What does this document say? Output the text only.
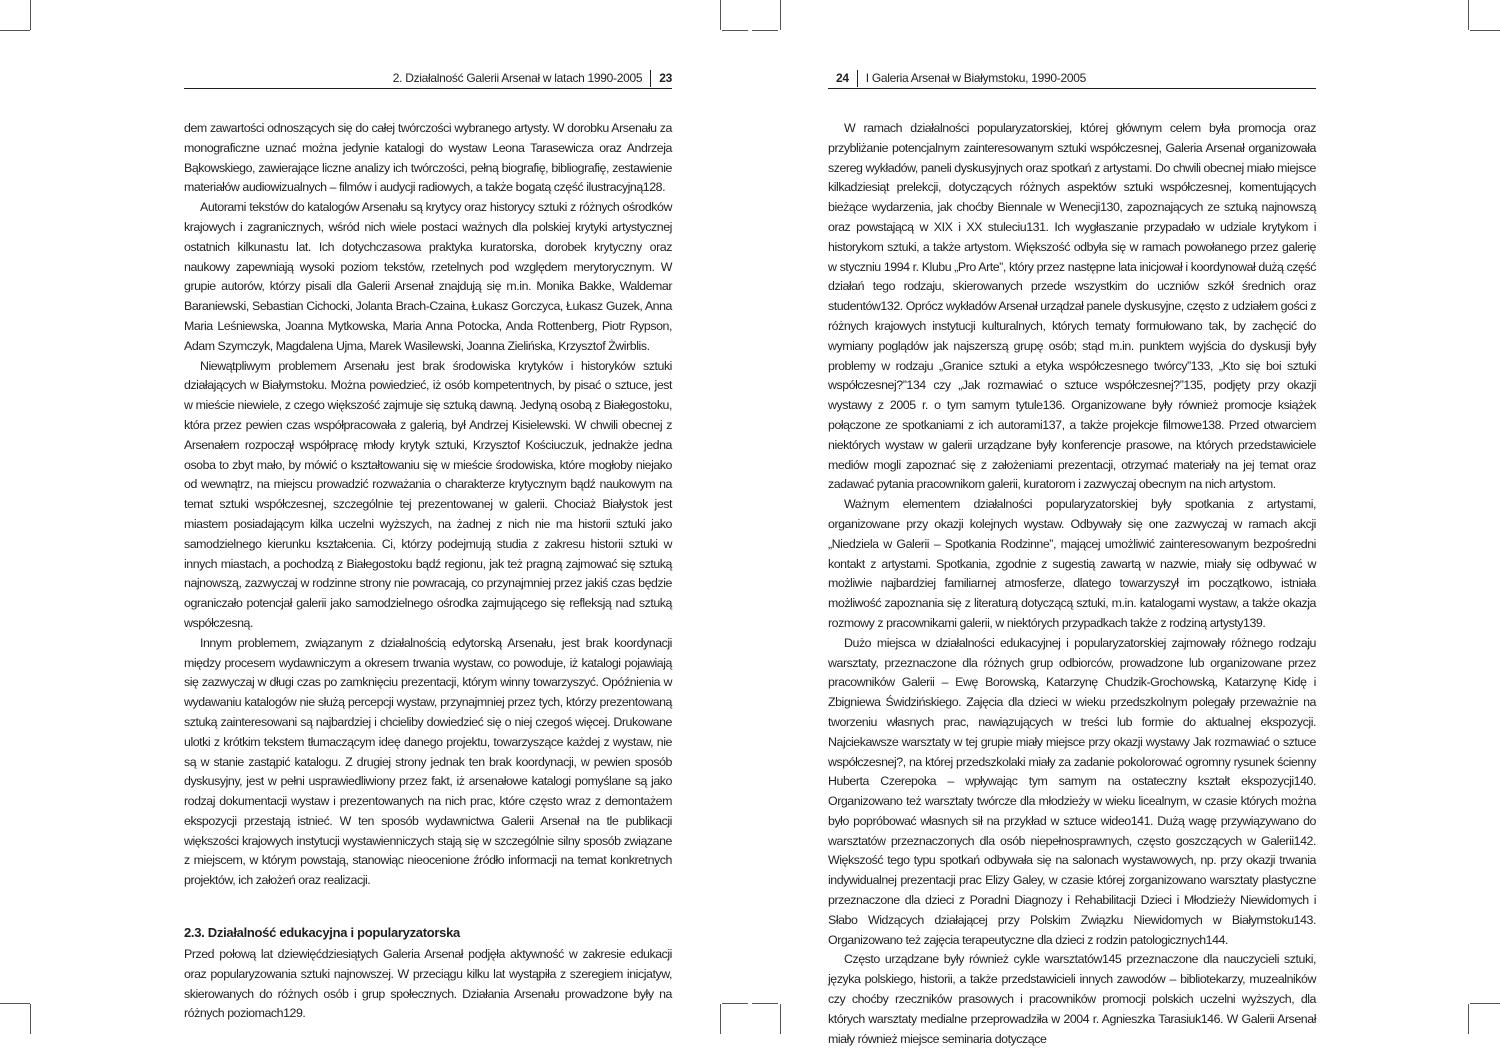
2. Działalność Galerii Arsenał w latach 1990-2005 23

dem zawartości odnoszących się do całej twórczości wybranego artysty. W dorobku Arsenału za monograficzne uznać można jedynie katalogi do wystaw Leona Tarasewicza oraz Andrzeja Bąkowskiego, zawierające liczne analizy ich twórczości, pełną biografię, bibliografię, zestawienie materiałów audiowizualnych – filmów i audycji radiowych, a także bogatą część ilustracyjną128.

Autorami tekstów do katalogów Arsenału są krytycy oraz historycy sztuki z różnych ośrodków krajowych i zagranicznych, wśród nich wiele postaci ważnych dla polskiej krytyki artystycznej ostatnich kilkunastu lat. Ich dotychczasowa praktyka kuratorska, dorobek krytyczny oraz naukowy zapewniają wysoki poziom tekstów, rzetelnych pod względem merytorycznym. W grupie autorów, którzy pisali dla Galerii Arsenał znajdują się m.in. Monika Bakke, Waldemar Baraniewski, Sebastian Cichocki, Jolanta Brach-Czaina, Łukasz Gorczyca, Łukasz Guzek, Anna Maria Leśniewska, Joanna Mytkowska, Maria Anna Potocka, Anda Rottenberg, Piotr Rypson, Adam Szymczyk, Magdalena Ujma, Marek Wasilewski, Joanna Zielińska, Krzysztof Żwirblis.

Niewątpliwym problemem Arsenału jest brak środowiska krytyków i historyków sztuki działających w Białymstoku. Można powiedzieć, iż osób kompetentnych, by pisać o sztuce, jest w mieście niewiele, z czego większość zajmuje się sztuką dawną. Jedyną osobą z Białegostoku, która przez pewien czas współpracowała z galerią, był Andrzej Kisielewski. W chwili obecnej z Arsenałem rozpoczął współpracę młody krytyk sztuki, Krzysztof Kościuczuk, jednakże jedna osoba to zbyt mało, by mówić o kształtowaniu się w mieście środowiska, które mogłoby niejako od wewnątrz, na miejscu prowadzić rozważania o charakterze krytycznym bądź naukowym na temat sztuki współczesnej, szczególnie tej prezentowanej w galerii. Chociaż Białystok jest miastem posiadającym kilka uczelni wyższych, na żadnej z nich nie ma historii sztuki jako samodzielnego kierunku kształcenia. Ci, którzy podejmują studia z zakresu historii sztuki w innych miastach, a pochodzą z Białegostoku bądź regionu, jak też pragną zajmować się sztuką najnowszą, zazwyczaj w rodzinne strony nie powracają, co przynajmniej przez jakiś czas będzie ograniczało potencjał galerii jako samodzielnego ośrodka zajmującego się refleksją nad sztuką współczesną.

Innym problemem, związanym z działalnością edytorską Arsenału, jest brak koordynacji między procesem wydawniczym a okresem trwania wystaw, co powoduje, iż katalogi pojawiają się zazwyczaj w długi czas po zamknięciu prezentacji, którym winny towarzyszyć. Opóźnienia w wydawaniu katalogów nie służą percepcji wystaw, przynajmniej przez tych, którzy prezentowaną sztuką zainteresowani są najbardziej i chcieliby dowiedzieć się o niej czegoś więcej. Drukowane ulotki z krótkim tekstem tłumaczącym ideę danego projektu, towarzyszące każdej z wystaw, nie są w stanie zastąpić katalogu. Z drugiej strony jednak ten brak koordynacji, w pewien sposób dyskusyjny, jest w pełni usprawiedliwiony przez fakt, iż arsenałowe katalogi pomyślane są jako rodzaj dokumentacji wystaw i prezentowanych na nich prac, które często wraz z demontażem ekspozycji przestają istnieć. W ten sposób wydawnictwa Galerii Arsenał na tle publikacji większości krajowych instytucji wystawienniczych stają się w szczególnie silny sposób związane z miejscem, w którym powstają, stanowiąc nieocenione źródło informacji na temat konkretnych projektów, ich założeń oraz realizacji.

2.3. Działalność edukacyjna i popularyzatorska

Przed połową lat dziewięćdziesiątych Galeria Arsenał podjęła aktywność w zakresie edukacji oraz popularyzowania sztuki najnowszej. W przeciągu kilku lat wystąpiła z szeregiem inicjatyw, skierowanych do różnych osób i grup społecznych. Działania Arsenału prowadzone były na różnych poziomach129.

24 I Galeria Arsenał w Białymstoku, 1990-2005

W ramach działalności popularyzatorskiej, której głównym celem była promocja oraz przybliżanie potencjalnym zainteresowanym sztuki współczesnej, Galeria Arsenał organizowała szereg wykładów, paneli dyskusyjnych oraz spotkań z artystami. Do chwili obecnej miało miejsce kilkadziesiąt prelekcji, dotyczących różnych aspektów sztuki współczesnej, komentujących bieżące wydarzenia, jak choćby Biennale w Wenecji130, zapoznających ze sztuką najnowszą oraz powstającą w XIX i XX stuleciu131. Ich wygłaszanie przypadało w udziale krytykom i historykom sztuki, a także artystom. Większość odbyła się w ramach powołanego przez galerię w styczniu 1994 r. Klubu „Pro Arte”, który przez następne lata inicjował i koordynował dużą część działań tego rodzaju, skierowanych przede wszystkim do uczniów szkół średnich oraz studentów132. Oprócz wykładów Arsenał urządzał panele dyskusyjne, często z udziałem gości z różnych krajowych instytucji kulturalnych, których tematy formułowano tak, by zachęcić do wymiany poglądów jak najszerszą grupę osób; stąd m.in. punktem wyjścia do dyskusji były problemy w rodzaju „Granice sztuki a etyka współczesnego twórcy”133, „Kto się boi sztuki współczesnej?”134 czy „Jak rozmawiać o sztuce współczesnej?”135, podjęty przy okazji wystawy z 2005 r. o tym samym tytule136. Organizowane były również promocje książek połączone ze spotkaniami z ich autorami137, a także projekcje filmowe138. Przed otwarciem niektórych wystaw w galerii urządzane były konferencje prasowe, na których przedstawiciele mediów mogli zapoznać się z założeniami prezentacji, otrzymać materiały na jej temat oraz zadawać pytania pracownikom galerii, kuratorom i zazwyczaj obecnym na nich artystom.

Ważnym elementem działalności popularyzatorskiej były spotkania z artystami, organizowane przy okazji kolejnych wystaw. Odbywały się one zazwyczaj w ramach akcji „Niedziela w Galerii – Spotkania Rodzinne”, mającej umożliwić zainteresowanym bezpośredni kontakt z artystami. Spotkania, zgodnie z sugestią zawartą w nazwie, miały się odbywać w możliwie najbardziej familiarnej atmosferze, dlatego towarzyszył im początkowo, istniała możliwość zapoznania się z literaturą dotyczącą sztuki, m.in. katalogami wystaw, a także okazja rozmowy z pracownikami galerii, w niektórych przypadkach także z rodziną artysty139.

Dużo miejsca w działalności edukacyjnej i popularyzatorskiej zajmowały różnego rodzaju warsztaty, przeznaczone dla różnych grup odbiorców, prowadzone lub organizowane przez pracowników Galerii – Ewę Borowską, Katarzynę Chudzik-Grochowską, Katarzynę Kidę i Zbigniewa Świdzińskiego. Zajęcia dla dzieci w wieku przedszkolnym polegały przeważnie na tworzeniu własnych prac, nawiązujących w treści lub formie do aktualnej ekspozycji. Najciekawsze warsztaty w tej grupie miały miejsce przy okazji wystawy Jak rozmawiać o sztuce współczesnej?, na której przedszkolaki miały za zadanie pokolorować ogromny rysunek ścienny Huberta Czerepoka – wpływając tym samym na ostateczny kształt ekspozycji140. Organizowano też warsztaty twórcze dla młodzieży w wieku licealnym, w czasie których można było popróbować własnych sił na przykład w sztuce wideo141. Dużą wagę przywiązywano do warsztatów przeznaczonych dla osób niepełnosprawnych, często goszczących w Galerii142. Większość tego typu spotkań odbywała się na salonach wystawowych, np. przy okazji trwania indywidualnej prezentacji prac Elizy Galey, w czasie której zorganizowano warsztaty plastyczne przeznaczone dla dzieci z Poradni Diagnozy i Rehabilitacji Dzieci i Młodzieży Niewidomych i Słabo Widzących działającej przy Polskim Związku Niewidomych w Białymstoku143. Organizowano też zajęcia terapeutyczne dla dzieci z rodzin patologicznych144.

Często urządzane były również cykle warsztatów145 przeznaczone dla nauczycieli sztuki, języka polskiego, historii, a także przedstawicieli innych zawodów – bibliotekarzy, muzealników czy choćby rzeczników prasowych i pracowników promocji polskich uczelni wyższych, dla których warsztaty medialne przeprowadziła w 2004 r. Agnieszka Tarasiuk146. W Galerii Arsenał miały również miejsce seminaria dotyczące
